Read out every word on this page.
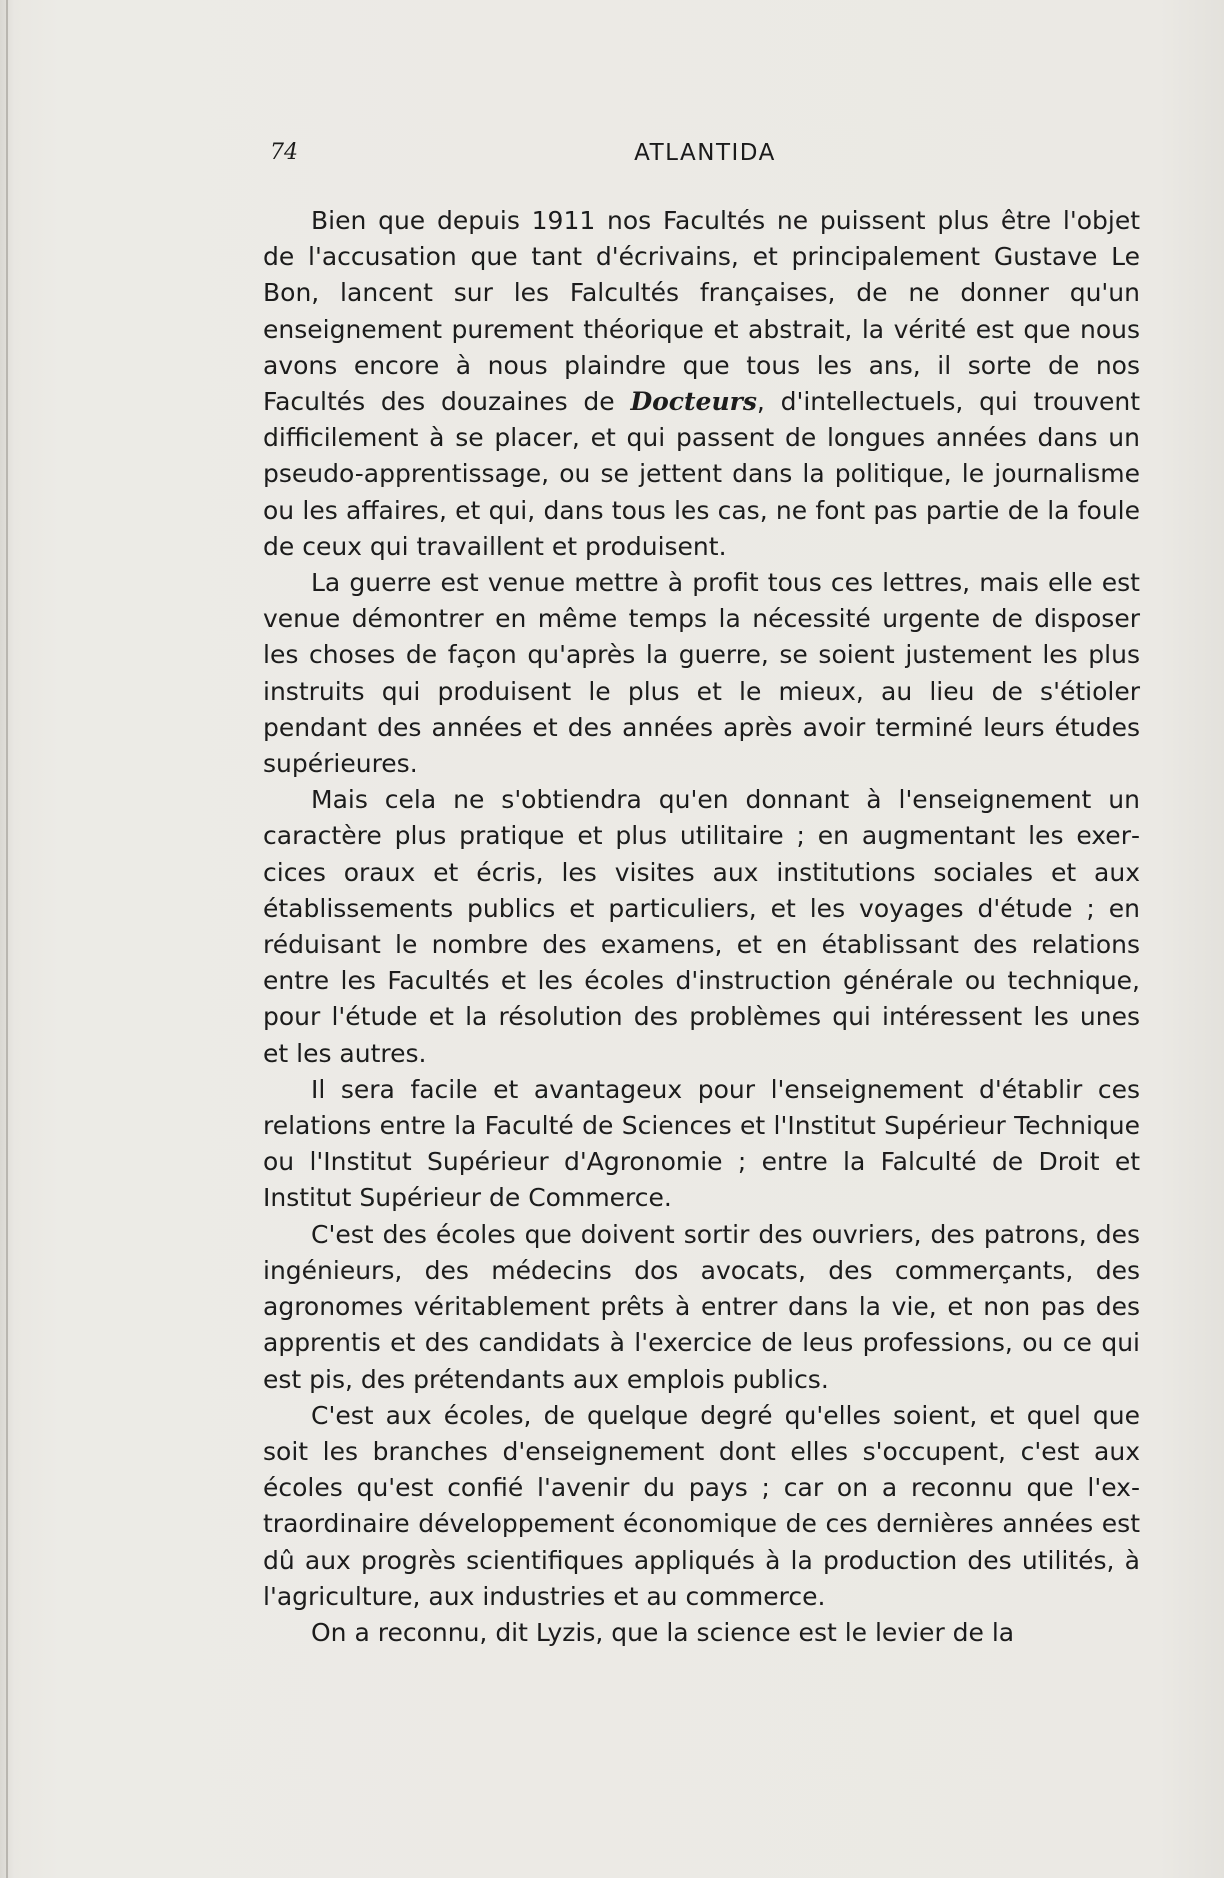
74	ATLANTIDA

Bien que depuis 1911 nos Facultés ne puissent plus être l'objet de l'accusation que tant d'écrivains, et principalement Gustave Le Bon, lancent sur les Falcultés françaises, de ne donner qu'un enseignement purement théorique et abstrait, la vérité est que nous avons encore à nous plaindre que tous les ans, il sorte de nos Facultés des douzaines de Docteurs, d'intellectuels, qui trouvent difficilement à se placer, et qui passent de longues années dans un pseudo-apprentissage, ou se jettent dans la politique, le journalisme ou les affaires, et qui, dans tous les cas, ne font pas partie de la foule de ceux qui travaillent et produisent.

La guerre est venue mettre à profit tous ces lettres, mais elle est venue démontrer en même temps la nécessité urgente de disposer les choses de façon qu'après la guerre, se soient justement les plus instruits qui produisent le plus et le mieux, au lieu de s'étioler pendant des années et des années après avoir terminé leurs études supérieures.

Mais cela ne s'obtiendra qu'en donnant à l'enseignement un caractère plus pratique et plus utilitaire ; en augmentant les exercices oraux et écris, les visites aux institutions sociales et aux établissements publics et particuliers, et les voyages d'étude ; en réduisant le nombre des examens, et en établissant des relations entre les Facultés et les écoles d'instruction générale ou technique, pour l'étude et la résolution des problèmes qui intéressent les unes et les autres.

Il sera facile et avantageux pour l'enseignement d'établir ces relations entre la Faculté de Sciences et l'Institut Supérieur Technique ou l'Institut Supérieur d'Agronomie ; entre la Falculté de Droit et Institut Supérieur de Commerce.

C'est des écoles que doivent sortir des ouvriers, des patrons, des ingénieurs, des médecins dos avocats, des commerçants, des agronomes véritablement prêts à entrer dans la vie, et non pas des apprentis et des candidats à l'exercice de leus professions, ou ce qui est pis, des prétendants aux emplois publics.

C'est aux écoles, de quelque degré qu'elles soient, et quel que soit les branches d'enseignement dont elles s'occupent, c'est aux écoles qu'est confié l'avenir du pays ; car on a reconnu que l'extraordinaire développement économique de ces dernières années est dû aux progrès scientifiques appliqués à la production des utilités, à l'agriculture, aux industries et au commerce.

On a reconnu, dit Lyzis, que la science est le levier de la
